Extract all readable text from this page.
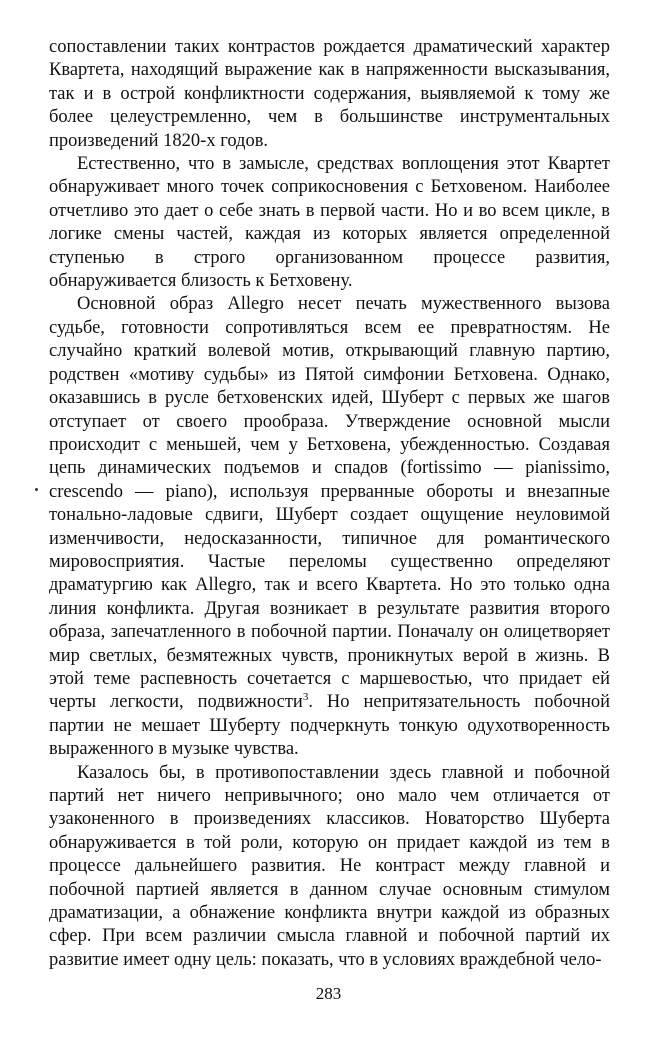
сопоставлении таких контрастов рождается драматический характер Квартета, находящий выражение как в напряженности высказывания, так и в острой конфликтности содержания, выявляемой к тому же более целеустремленно, чем в большинстве инструментальных произведений 1820-х годов.

Естественно, что в замысле, средствах воплощения этот Квартет обнаруживает много точек соприкосновения с Бетховеном. Наиболее отчетливо это дает о себе знать в первой части. Но и во всем цикле, в логике смены частей, каждая из которых является определенной ступенью в строго организованном процессе развития, обнаруживается близость к Бетховену.

Основной образ Allegro несет печать мужественного вызова судьбе, готовности сопротивляться всем ее превратностям. Не случайно краткий волевой мотив, открывающий главную партию, родствен «мотиву судьбы» из Пятой симфонии Бетховена. Однако, оказавшись в русле бетховенских идей, Шуберт с первых же шагов отступает от своего прообраза. Утверждение основной мысли происходит с меньшей, чем у Бетховена, убежденностью. Создавая цепь динамических подъемов и спадов (fortissimo — pianissimo, crescendo — piano), используя прерванные обороты и внезапные тонально-ладовые сдвиги, Шуберт создает ощущение неуловимой изменчивости, недосказанности, типичное для романтического мировосприятия. Частые переломы существенно определяют драматургию как Allegro, так и всего Квартета. Но это только одна линия конфликта. Другая возникает в результате развития второго образа, запечатленного в побочной партии. Поначалу он олицетворяет мир светлых, безмятежных чувств, проникнутых верой в жизнь. В этой теме распевность сочетается с маршевостью, что придает ей черты легкости, подвижности$^3$. Но непритязательность побочной партии не мешает Шуберту подчеркнуть тонкую одухотворенность выраженного в музыке чувства.

Казалось бы, в противопоставлении здесь главной и побочной партий нет ничего непривычного; оно мало чем отличается от узаконенного в произведениях классиков. Новаторство Шуберта обнаруживается в той роли, которую он придает каждой из тем в процессе дальнейшего развития. Не контраст между главной и побочной партией является в данном случае основным стимулом драматизации, а обнажение конфликта внутри каждой из образных сфер. При всем различии смысла главной и побочной партий их развитие имеет одну цель: показать, что в условиях враждебной чело-

283
